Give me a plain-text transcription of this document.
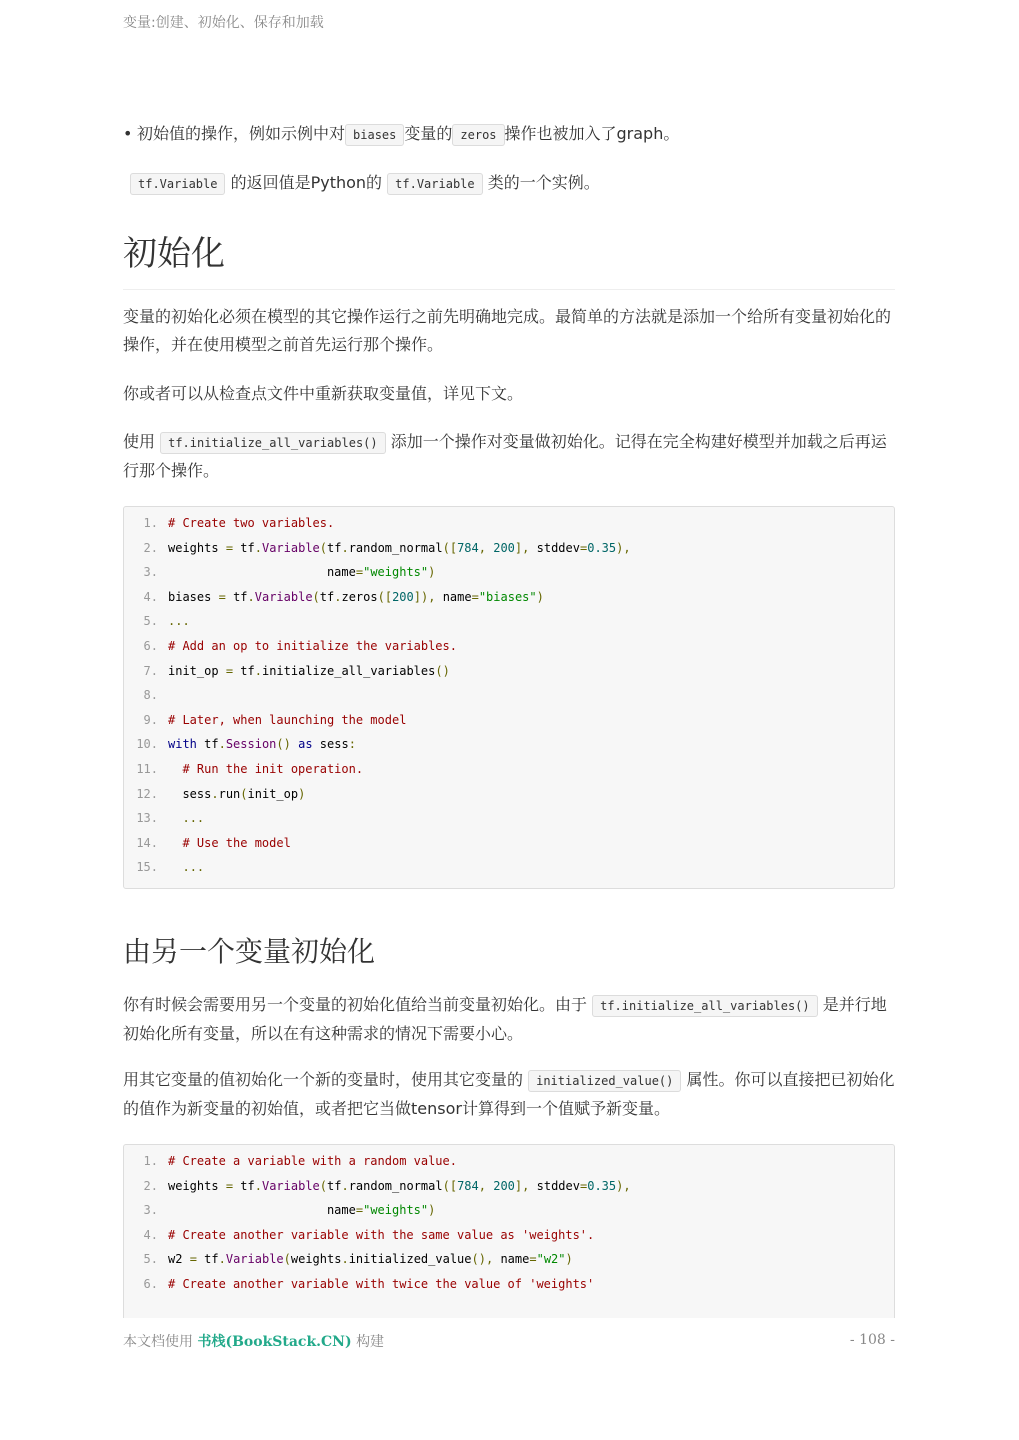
变量:创建、初始化、保存和加载
• 初始值的操作，例如示例中对 biases 变量的 zeros 操作也被加入了graph。
tf.Variable 的返回值是Python的 tf.Variable 类的一个实例。
初始化

变量的初始化必须在模型的其它操作运行之前先明确地完成。最简单的方法就是添加一个给所有变量初始化的操作，并在使用模型之前首先运行那个操作。

你或者可以从检查点文件中重新获取变量值，详见下文。

使用 tf.initialize_all_variables() 添加一个操作对变量做初始化。记得在完全构建好模型并加载之后再运行那个操作。

1. # Create two variables.
2. weights = tf.Variable(tf.random_normal([784, 200], stddev=0.35),
3.	name="weights")
4. biases = tf.Variable(tf.zeros([200]), name="biases")
5. ...
6. # Add an op to initialize the variables.
7. init_op = tf.initialize_all_variables()
8.
9. # Later, when launching the model
10. with tf.Session() as sess:
11. # Run the init operation.
12. sess.run(init_op)
13. ...
14. # Use the model
15. ...
由另一个变量初始化

你有时候会需要用另一个变量的初始化值给当前变量初始化。由于 tf.initialize_all_variables() 是并行地初始化所有变量，所以在有这种需求的情况下需要小心。

用其它变量的值初始化一个新的变量时，使用其它变量的 initialized_value() 属性。你可以直接把已初始化的值作为新变量的初始值，或者把它当做tensor计算得到一个值赋予新变量。

1. # Create a variable with a random value.
2. weights = tf.Variable(tf.random_normal([784, 200], stddev=0.35),
3.	name="weights")
4. # Create another variable with the same value as 'weights'.
5. w2 = tf.Variable(weights.initialized_value(), name="w2")
6. # Create another variable with twice the value of 'weights'
本文档使用 书栈(BookStack.CN) 构建	- 108 -
